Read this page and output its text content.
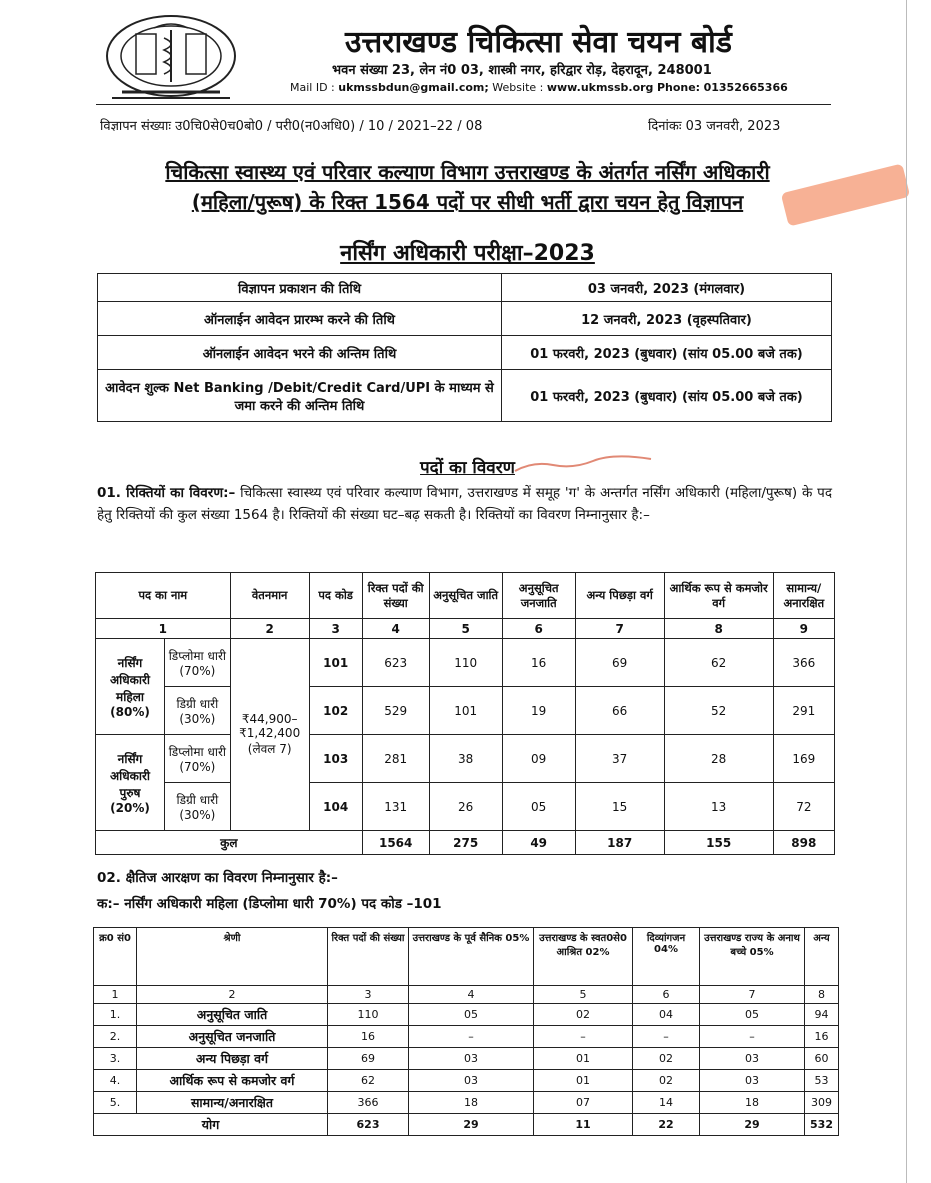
उत्तराखण्ड चिकित्सा सेवा चयन बोर्ड
भवन संख्या 23, लेन नं0 03, शास्त्री नगर, हरिद्वार रोड़, देहरादून, 248001
Mail ID : ukmssbdun@gmail.com; Website : www.ukmssb.org Phone: 01352665366
विज्ञापन संख्याः उ0चि0से0च0बो0 / परी0(न0अधि0) / 10 / 2021–22 / 08	दिनांकः 03 जनवरी, 2023
चिकित्सा स्वास्थ्य एवं परिवार कल्याण विभाग उत्तराखण्ड के अंतर्गत नर्सिंग अधिकारी
(महिला/पुरूष) के रिक्त 1564 पदों पर सीधी भर्ती द्वारा चयन हेतु विज्ञापन
नर्सिंग अधिकारी परीक्षा–2023
विज्ञापन प्रकाशन की तिथि	03 जनवरी, 2023 (मंगलवार)
ऑनलाईन आवेदन प्रारम्भ करने की तिथि	12 जनवरी, 2023 (वृहस्पतिवार)
ऑनलाईन आवेदन भरने की अन्तिम तिथि	01 फरवरी, 2023 (बुधवार) (सांय 05.00 बजे तक)
आवेदन शुल्क Net Banking /Debit/Credit Card/UPI के माध्यम से जमा करने की अन्तिम तिथि	01 फरवरी, 2023 (बुधवार) (सांय 05.00 बजे तक)
पदों का विवरण
01. रिक्तियों का विवरण:– चिकित्सा स्वास्थ्य एवं परिवार कल्याण विभाग, उत्तराखण्ड में समूह 'ग' के अन्तर्गत नर्सिंग अधिकारी (महिला/पुरूष) के पद हेतु रिक्तियों की कुल संख्या 1564 है। रिक्तियों की संख्या घट–बढ़ सकती है। रिक्तियों का विवरण निम्नानुसार है:–
पद का नाम		वेतनमान	पद कोड	रिक्त पदों की संख्या	अनुसूचित जाति	अनुसूचित जनजाति	अन्य पिछड़ा वर्ग	आर्थिक रूप से कमजोर वर्ग	सामान्य/ अनारक्षित
1		2	3	4	5	6	7	8	9
नर्सिंग अधिकारी महिला (80%)	डिप्लोमा धारी (70%)	₹44,900– ₹1,42,400 (लेवल 7)	101	623	110	16	69	62	366
	डिग्री धारी (30%)		102	529	101	19	66	52	291
नर्सिंग अधिकारी पुरुष (20%)	डिप्लोमा धारी (70%)		103	281	38	09	37	28	169
	डिग्री धारी (30%)		104	131	26	05	15	13	72
कुल				1564	275	49	187	155	898
02. क्षैतिज आरक्षण का विवरण निम्नानुसार है:–
क:– नर्सिंग अधिकारी महिला (डिप्लोमा धारी 70%) पद कोड –101
क्र0 सं0	श्रेणी	रिक्त पदों की संख्या	उत्तराखण्ड के पूर्व सैनिक 05%	उत्तराखण्ड के स्वत0से0 आश्रित 02%	दिव्यांगजन 04%	उत्तराखण्ड राज्य के अनाथ बच्चे 05%	अन्य
1	2	3	4	5	6	7	8
1.	अनुसूचित जाति	110	05	02	04	05	94
2.	अनुसूचित जनजाति	16	–	–	–	–	16
3.	अन्य पिछड़ा वर्ग	69	03	01	02	03	60
4.	आर्थिक रूप से कमजोर वर्ग	62	03	01	02	03	53
5.	सामान्य/अनारक्षित	366	18	07	14	18	309
योग		623	29	11	22	29	532
